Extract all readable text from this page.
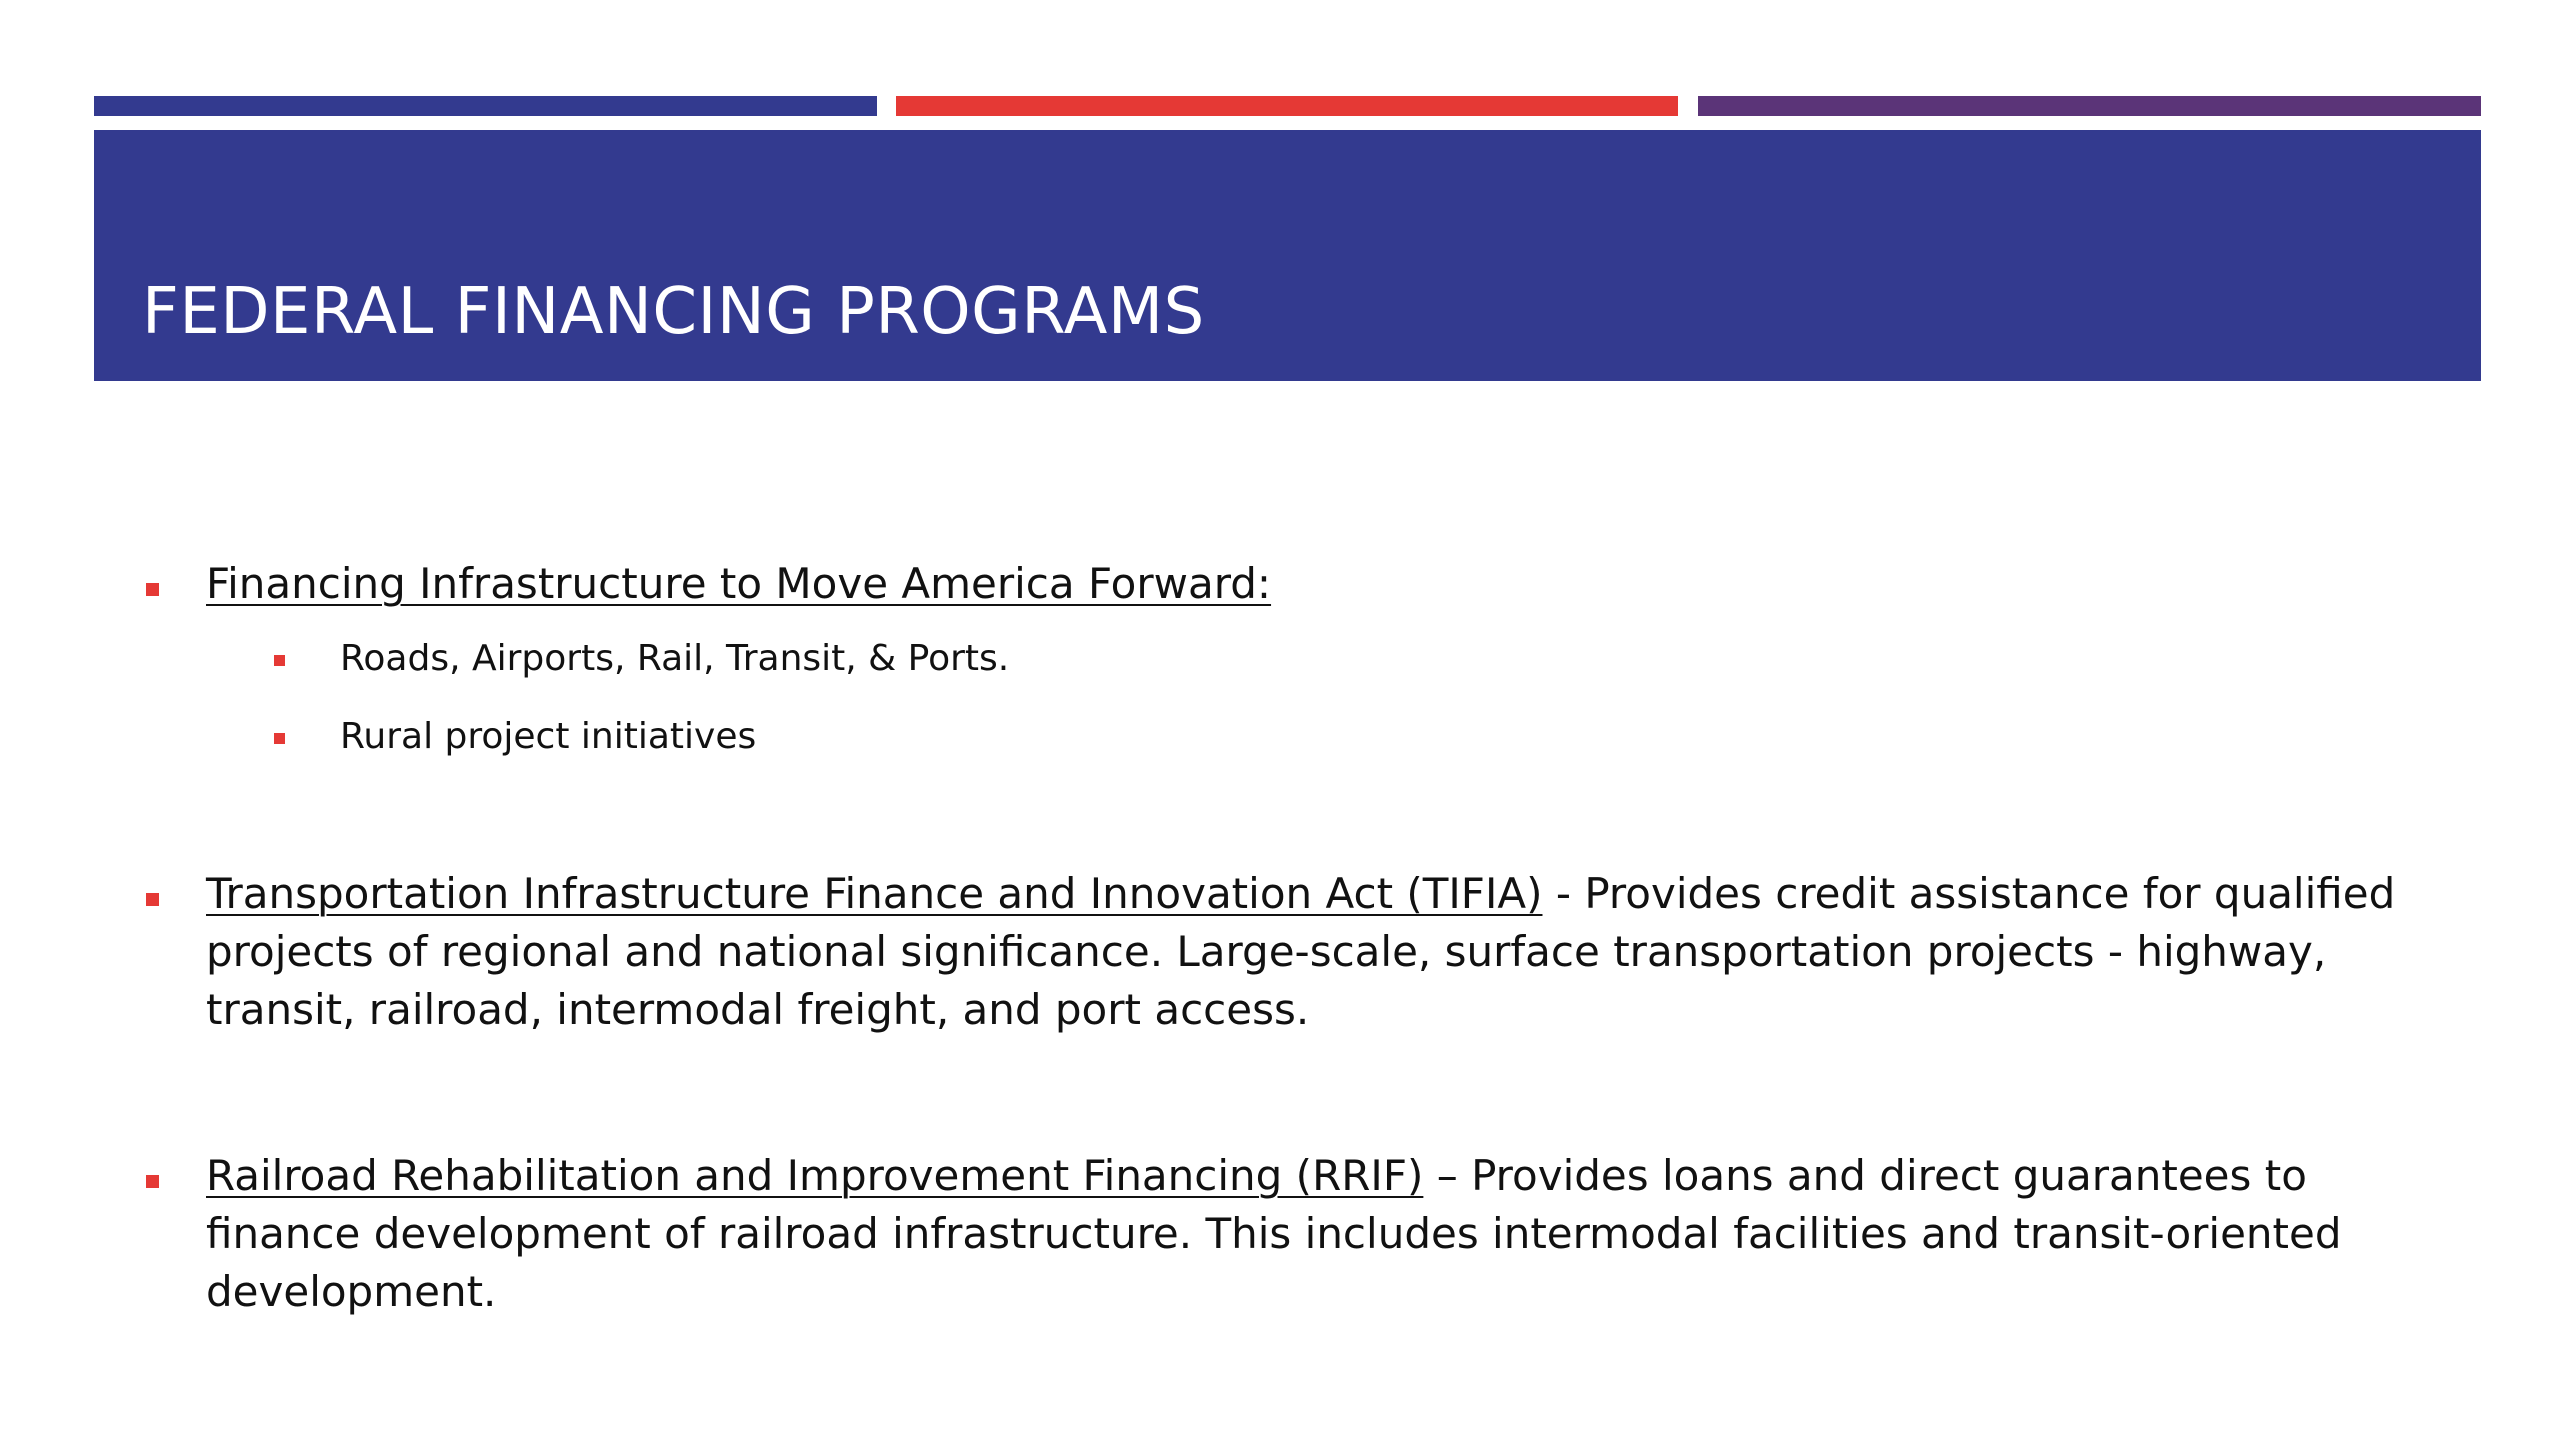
FEDERAL FINANCING PROGRAMS
Financing Infrastructure to Move America Forward:
Roads, Airports, Rail, Transit, & Ports.
Rural project initiatives
Transportation Infrastructure Finance and Innovation Act (TIFIA) - Provides credit assistance for qualified projects of regional and national significance. Large-scale, surface transportation projects - highway, transit, railroad, intermodal freight, and port access.
Railroad Rehabilitation and Improvement Financing (RRIF) – Provides loans and direct guarantees to finance development of railroad infrastructure. This includes intermodal facilities and transit-oriented development.
